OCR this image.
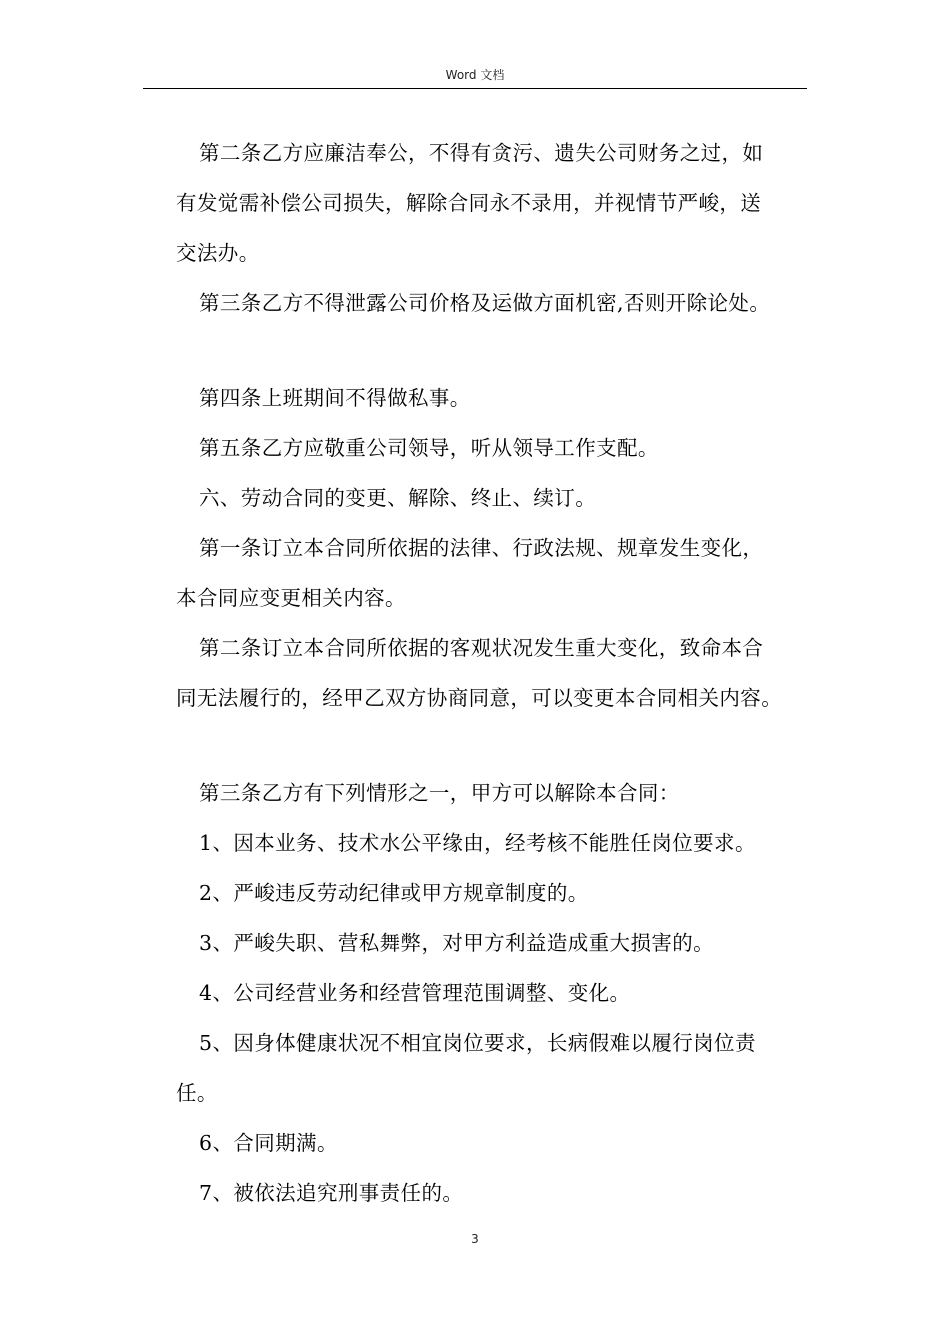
Word 文档

第二条乙方应廉洁奉公，不得有贪污、遗失公司财务之过，如

有发觉需补偿公司损失，解除合同永不录用，并视情节严峻，送

交法办。

第三条乙方不得泄露公司价格及运做方面机密,否则开除论处。

第四条上班期间不得做私事。

第五条乙方应敬重公司领导，听从领导工作支配。

六、劳动合同的变更、解除、终止、续订。

第一条订立本合同所依据的法律、行政法规、规章发生变化，

本合同应变更相关内容。

第二条订立本合同所依据的客观状况发生重大变化，致命本合

同无法履行的，经甲乙双方协商同意，可以变更本合同相关内容。

第三条乙方有下列情形之一，甲方可以解除本合同：

1、因本业务、技术水公平缘由，经考核不能胜任岗位要求。

2、严峻违反劳动纪律或甲方规章制度的。

3、严峻失职、营私舞弊，对甲方利益造成重大损害的。

4、公司经营业务和经营管理范围调整、变化。

5、因身体健康状况不相宜岗位要求，长病假难以履行岗位责

任。

6、合同期满。

7、被依法追究刑事责任的。

3
